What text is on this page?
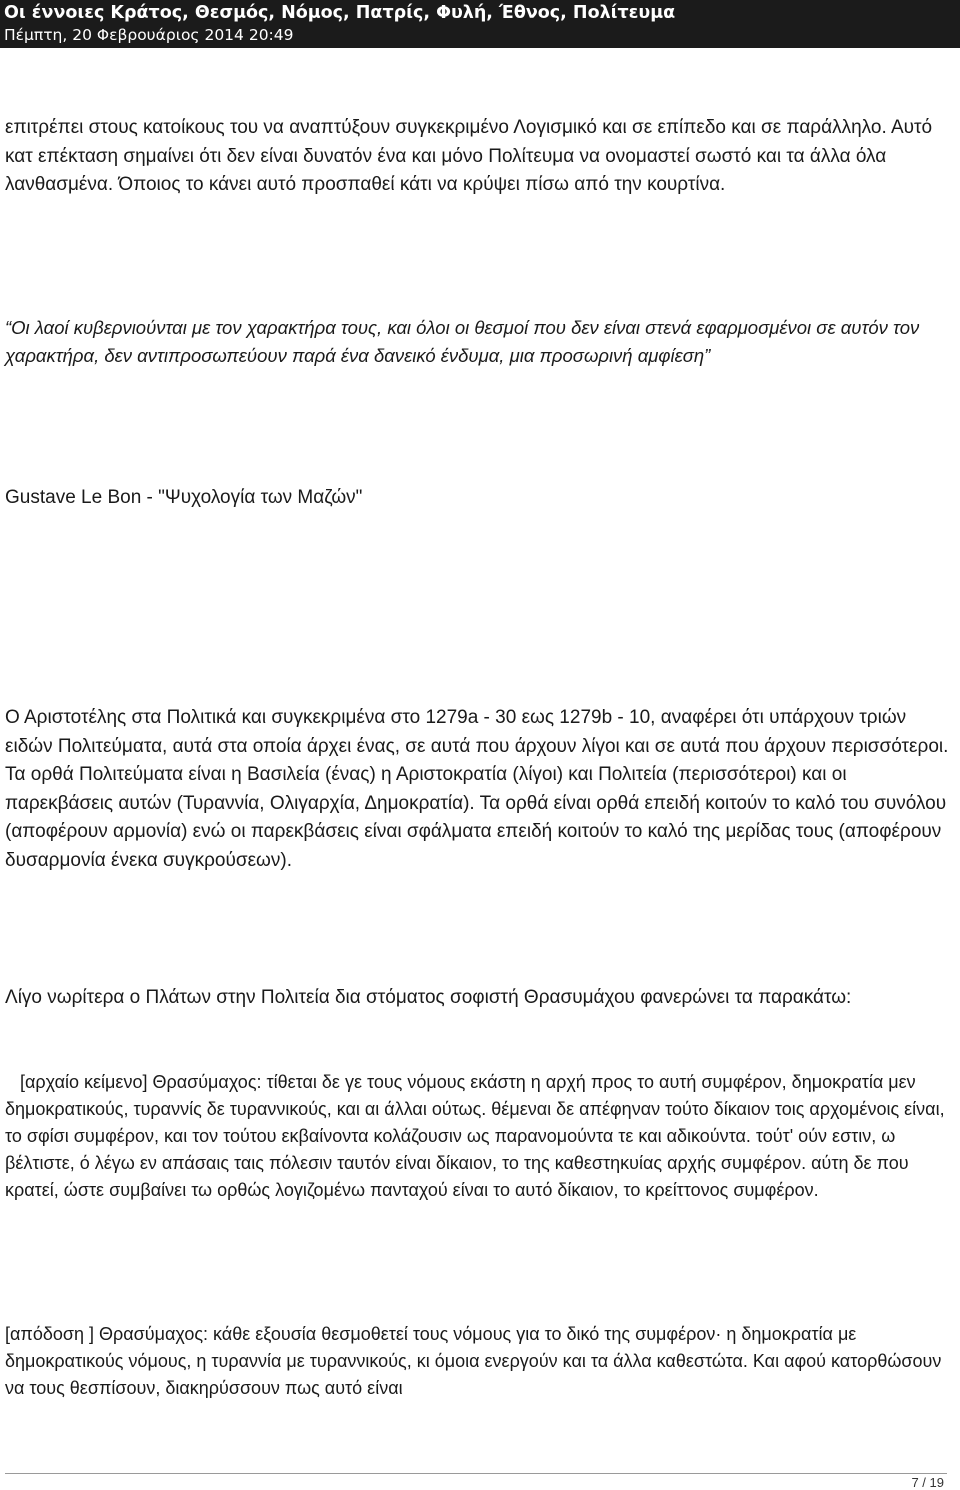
Οι έννοιες Κράτος, Θεσμός, Νόμος, Πατρίς, Φυλή, Έθνος, Πολίτευμα
Πέμπτη, 20 Φεβρουάριος 2014 20:49

επιτρέπει στους κατοίκους του να αναπτύξουν συγκεκριμένο Λογισμικό και σε επίπεδο και σε παράλληλο. Αυτό κατ επέκταση σημαίνει ότι δεν είναι δυνατόν ένα και μόνο Πολίτευμα να ονομαστεί σωστό και τα άλλα όλα λανθασμένα. Όποιος το κάνει αυτό προσπαθεί κάτι να κρύψει πίσω από την κουρτίνα.

“Οι λαοί κυβερνιούνται με τον χαρακτήρα τους, και όλοι οι θεσμοί που δεν είναι στενά εφαρμοσμένοι σε αυτόν τον χαρακτήρα, δεν αντιπροσωπεύουν παρά ένα δανεικό ένδυμα, μια προσωρινή αμφίεση”

Gustave Le Bon - "Ψυχολογία των Μαζών"

Ο Αριστοτέλης στα Πολιτικά και συγκεκριμένα στο 1279a - 30 εως 1279b - 10, αναφέρει ότι υπάρχουν τριών ειδών Πολιτεύματα, αυτά στα οποία άρχει ένας, σε αυτά που άρχουν λίγοι και σε αυτά που άρχουν περισσότεροι. Τα ορθά Πολιτεύματα είναι η Βασιλεία (ένας) η Αριστοκρατία (λίγοι) και Πολιτεία (περισσότεροι) και οι παρεκβάσεις αυτών (Τυραννία, Ολιγαρχία, Δημοκρατία). Τα ορθά είναι ορθά επειδή κοιτούν το καλό του συνόλου (αποφέρουν αρμονία) ενώ οι παρεκβάσεις είναι σφάλματα επειδή κοιτούν το καλό της μερίδας τους (αποφέρουν δυσαρμονία ένεκα συγκρούσεων).

Λίγο νωρίτερα ο Πλάτων στην Πολιτεία δια στόματος σοφιστή Θρασυμάχου φανερώνει τα παρακάτω:

[αρχαίο κείμενο] Θρασύμαχος: τίθεται δε γε τους νόμους εκάστη η αρχή προς το αυτή συμφέρον, δημοκρατία μεν δημοκρατικούς, τυραννίς δε τυραννικούς, και αι άλλαι ούτως. θέμεναι δε απέφηναν τούτο δίκαιον τοις αρχομένοις είναι, το σφίσι συμφέρον, και τον τούτου εκβαίνοντα κολάζουσιν ως παρανομούντα τε και αδικούντα. τούτ' ούν εστιν, ω βέλτιστε, ό λέγω εν απάσαις ταις πόλεσιν ταυτόν είναι δίκαιον, το της καθεστηκυίας αρχής συμφέρον. αύτη δε που κρατεί, ώστε συμβαίνει τω ορθώς λογιζομένω πανταχού είναι το αυτό δίκαιον, το κρείττονος συμφέρον.

[απόδοση ] Θρασύμαχος: κάθε εξουσία θεσμοθετεί τους νόμους για το δικό της συμφέρον· η δημοκρατία με δημοκρατικούς νόμους, η τυραννία με τυραννικούς, κι όμοια ενεργούν και τα άλλα καθεστώτα. Και αφού κατορθώσουν να τους θεσπίσουν, διακηρύσσουν πως αυτό είναι

7 / 19
